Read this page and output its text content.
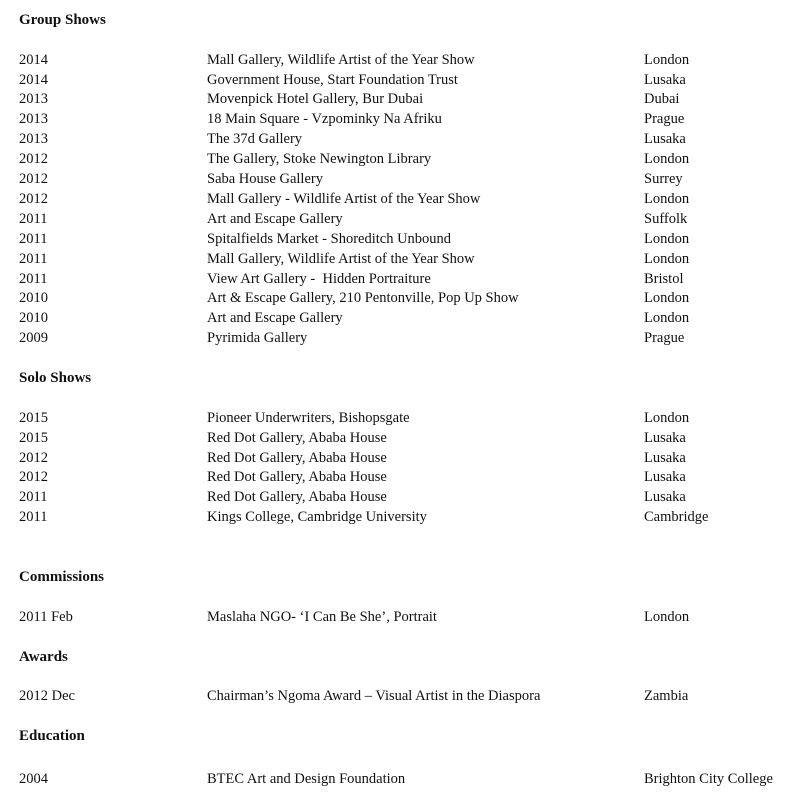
Group Shows
2014	Mall Gallery, Wildlife Artist of the Year Show	London
2014	Government House, Start Foundation Trust	Lusaka
2013	Movenpick Hotel Gallery, Bur Dubai	Dubai
2013	18 Main Square - Vzpominky Na Afriku	Prague
2013	The 37d Gallery	Lusaka
2012	The Gallery, Stoke Newington Library	London
2012	Saba House Gallery	Surrey
2012	Mall Gallery - Wildlife Artist of the Year Show	London
2011	Art and Escape Gallery	Suffolk
2011	Spitalfields Market - Shoreditch Unbound	London
2011	Mall Gallery, Wildlife Artist of the Year Show	London
2011	View Art Gallery -  Hidden Portraiture	Bristol
2010	Art & Escape Gallery, 210 Pentonville, Pop Up Show	London
2010	Art and Escape Gallery	London
2009	Pyrimida Gallery	Prague
Solo Shows
2015	Pioneer Underwriters, Bishopsgate	London
2015	Red Dot Gallery, Ababa House	Lusaka
2012	Red Dot Gallery, Ababa House	Lusaka
2012	Red Dot Gallery, Ababa House	Lusaka
2011	Red Dot Gallery, Ababa House	Lusaka
2011	Kings College, Cambridge University	Cambridge
Commissions
2011 Feb	Maslaha NGO- ‘I Can Be She’, Portrait	London
Awards
2012 Dec	Chairman’s Ngoma Award – Visual Artist in the Diaspora	Zambia
Education
2004	BTEC Art and Design Foundation	Brighton City College
